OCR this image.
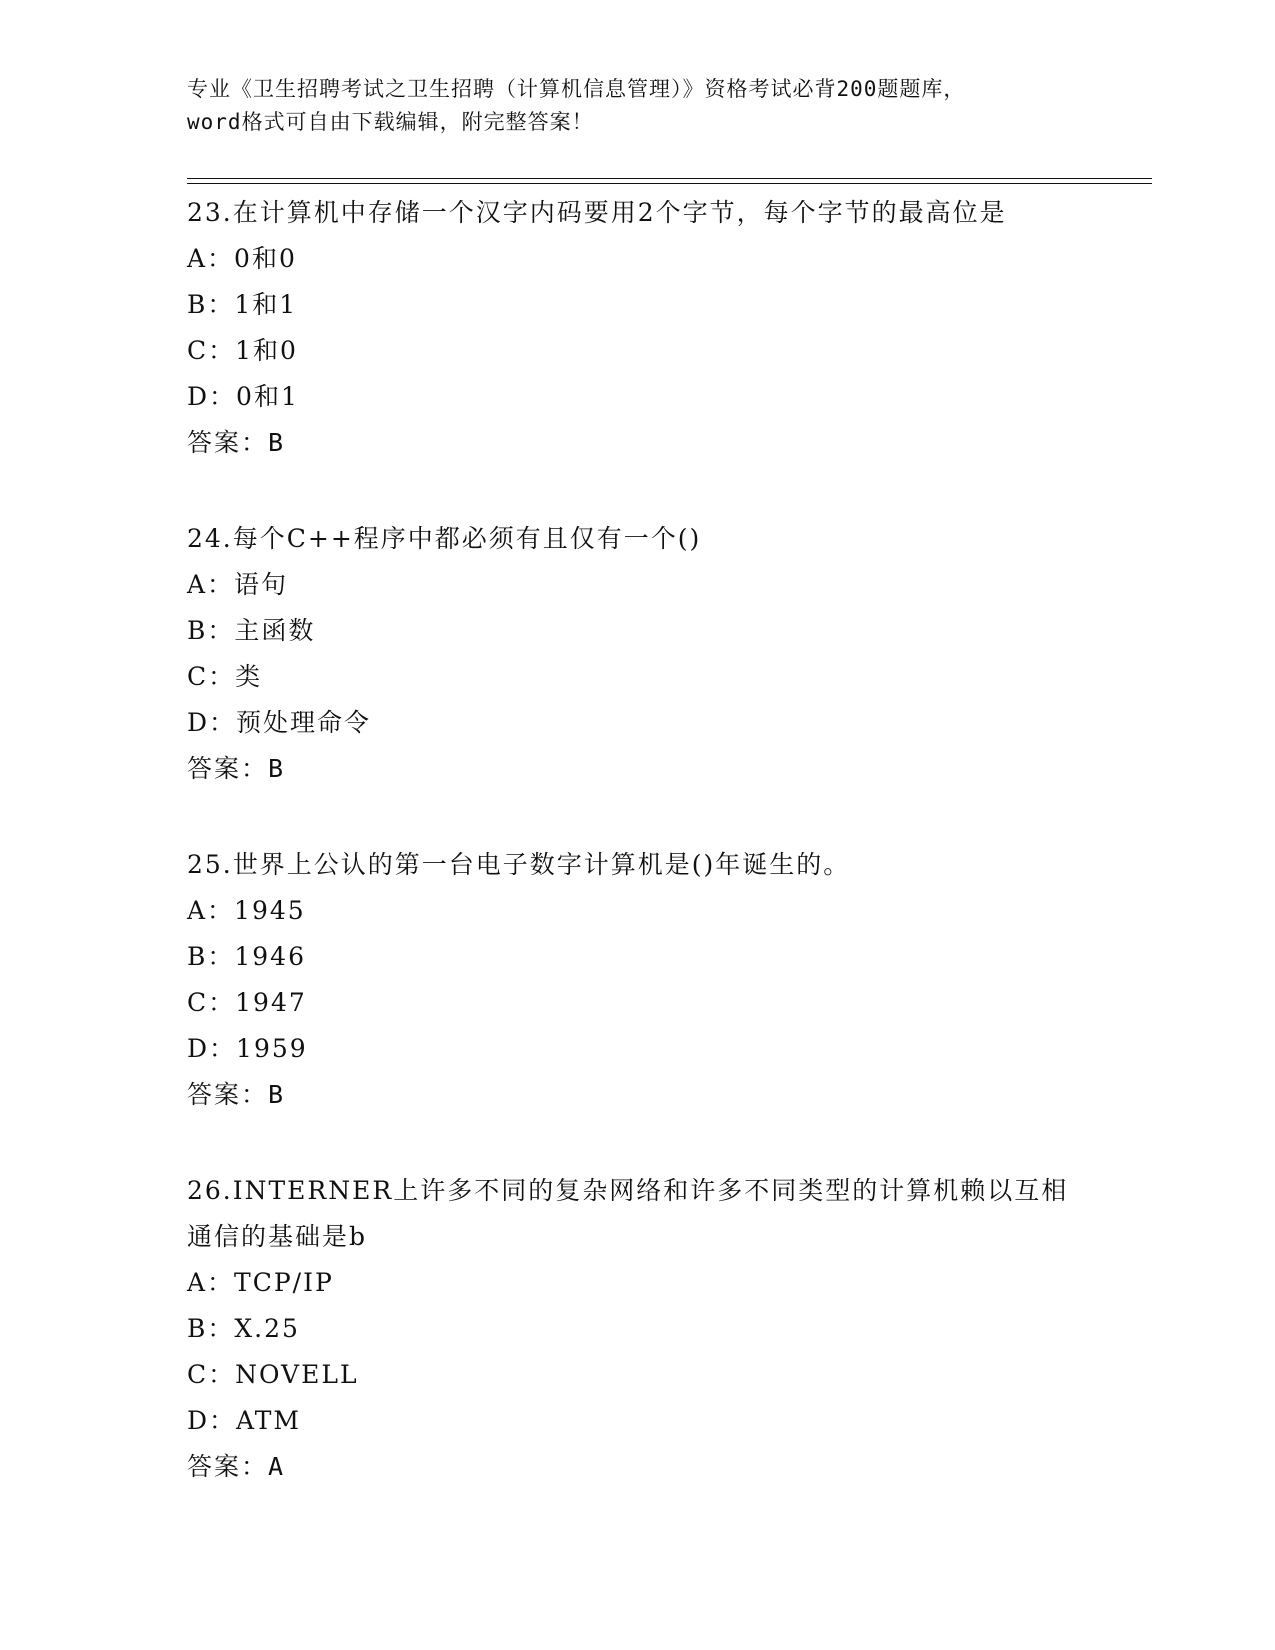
专业《卫生招聘考试之卫生招聘（计算机信息管理）》资格考试必背200题题库，
word格式可自由下载编辑，附完整答案！
23.在计算机中存储一个汉字内码要用2个字节，每个字节的最高位是
A：0和0
B：1和1
C：1和0
D：0和1
答案：B
24.每个C++程序中都必须有且仅有一个()
A：语句
B：主函数
C：类
D：预处理命令
答案：B
25.世界上公认的第一台电子数字计算机是()年诞生的。
A：1945
B：1946
C：1947
D：1959
答案：B
26.INTERNER上许多不同的复杂网络和许多不同类型的计算机赖以互相通信的基础是b
A：TCP/IP
B：X.25
C：NOVELL
D：ATM
答案：A
